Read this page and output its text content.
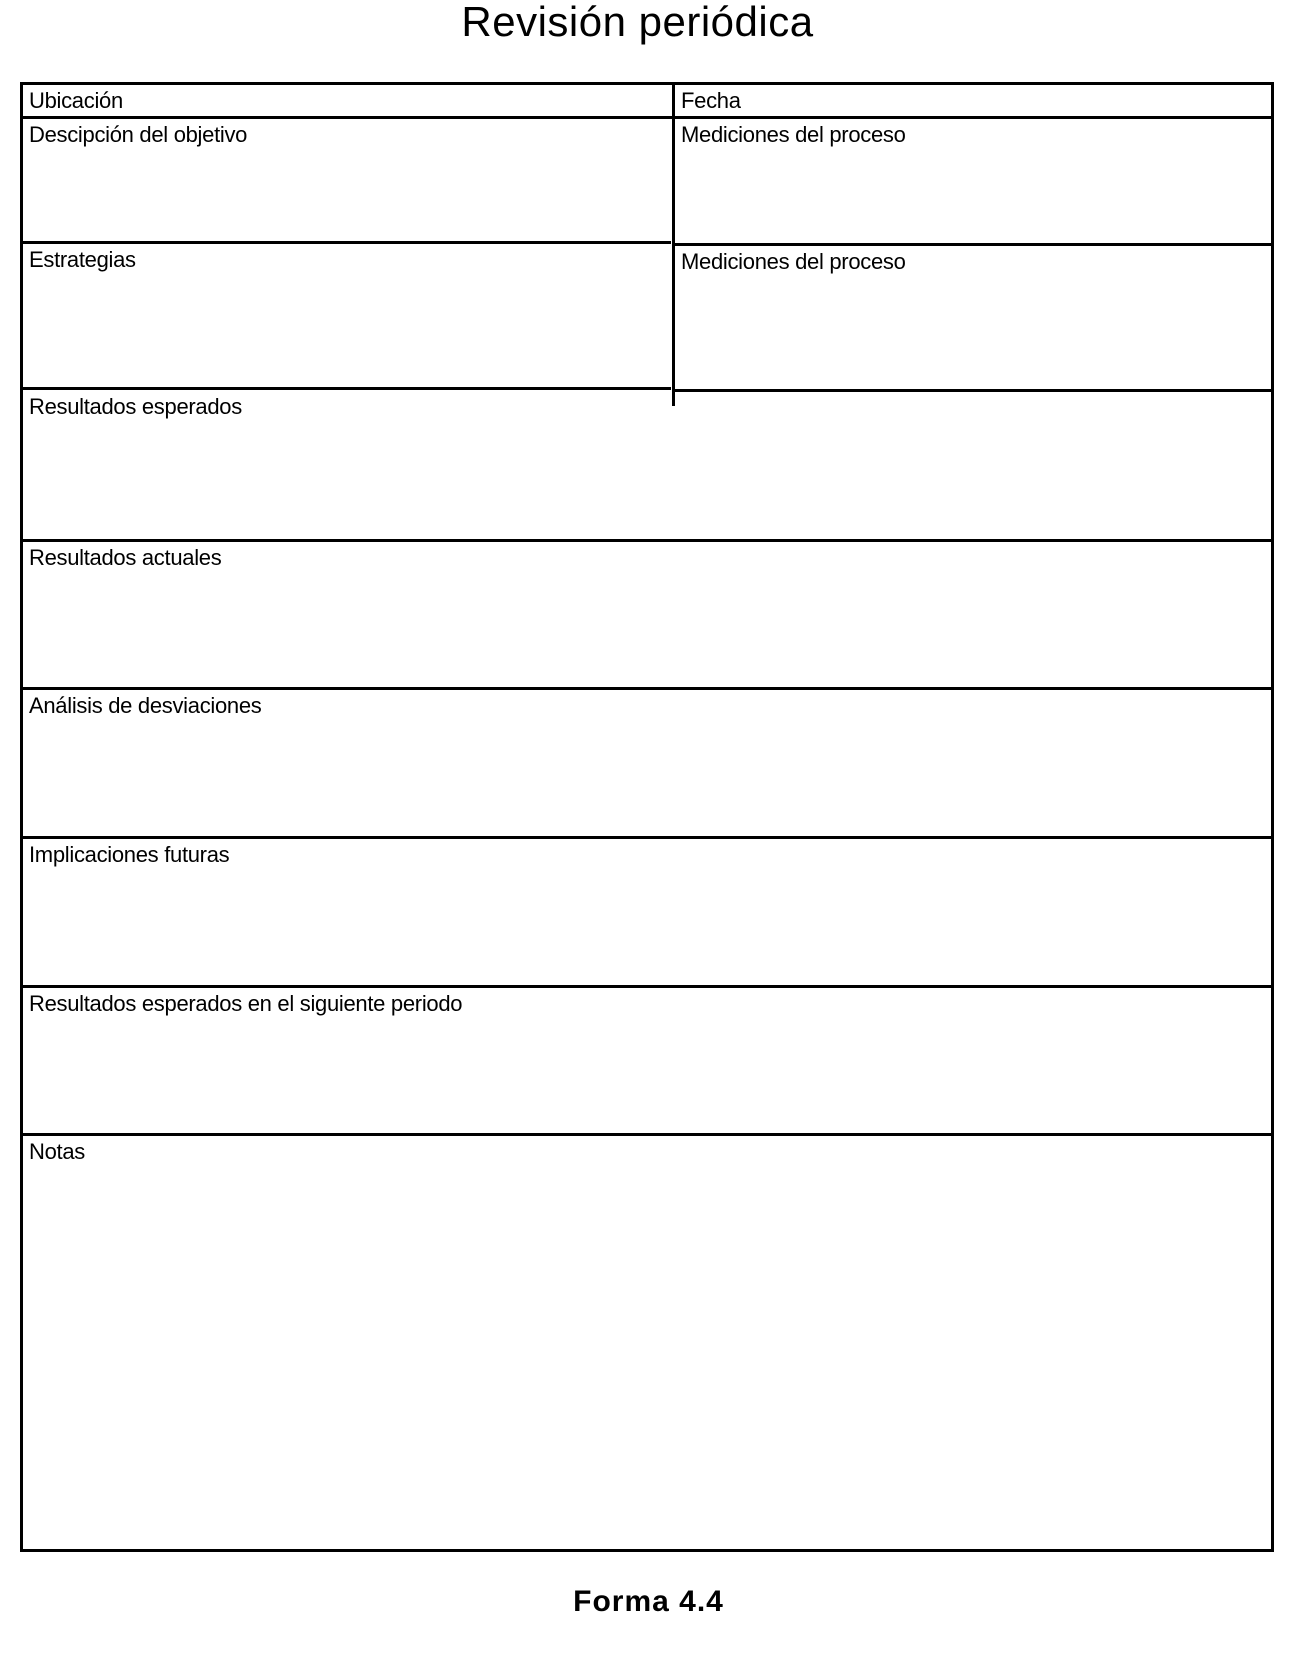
Revisión periódica
Ubicación	Fecha
Descipción del objetivo	Mediciones del proceso
Estrategias	Mediciones del proceso
Resultados esperados
Resultados actuales
Análisis de desviaciones
Implicaciones futuras
Resultados esperados en el siguiente periodo
Notas
Forma 4.4
